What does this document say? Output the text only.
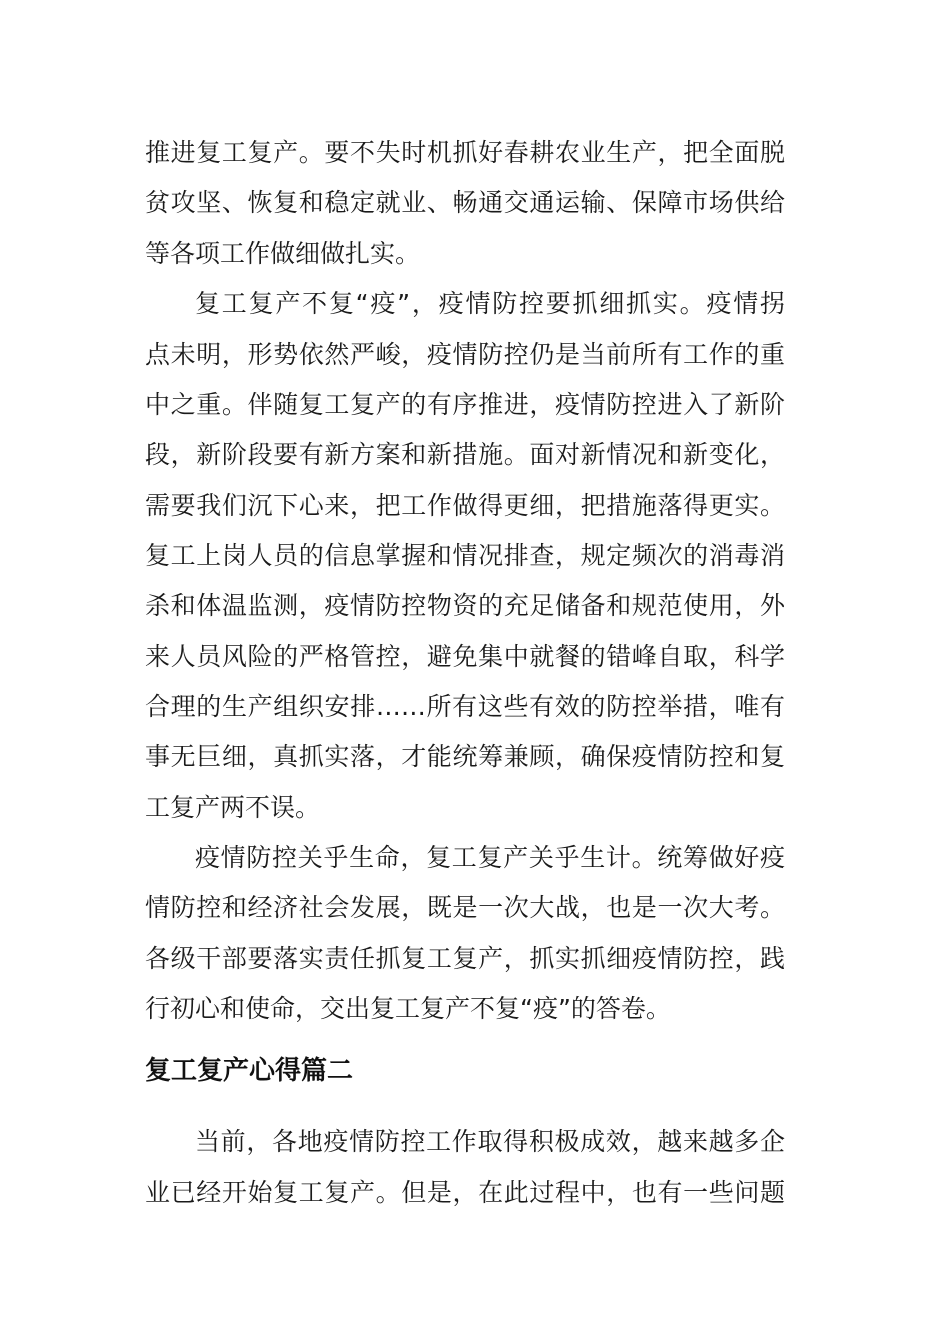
推进复工复产。要不失时机抓好春耕农业生产，把全面脱
贫攻坚、恢复和稳定就业、畅通交通运输、保障市场供给
等各项工作做细做扎实。
复工复产不复“疫”，疫情防控要抓细抓实。疫情拐
点未明，形势依然严峻，疫情防控仍是当前所有工作的重
中之重。伴随复工复产的有序推进，疫情防控进入了新阶
段，新阶段要有新方案和新措施。面对新情况和新变化，
需要我们沉下心来，把工作做得更细，把措施落得更实。
复工上岗人员的信息掌握和情况排查，规定频次的消毒消
杀和体温监测，疫情防控物资的充足储备和规范使用，外
来人员风险的严格管控，避免集中就餐的错峰自取，科学
合理的生产组织安排……所有这些有效的防控举措，唯有
事无巨细，真抓实落，才能统筹兼顾，确保疫情防控和复
工复产两不误。
疫情防控关乎生命，复工复产关乎生计。统筹做好疫
情防控和经济社会发展，既是一次大战，也是一次大考。
各级干部要落实责任抓复工复产，抓实抓细疫情防控，践
行初心和使命，交出复工复产不复“疫”的答卷。
复工复产心得篇二
当前，各地疫情防控工作取得积极成效，越来越多企
业已经开始复工复产。但是，在此过程中，也有一些问题
